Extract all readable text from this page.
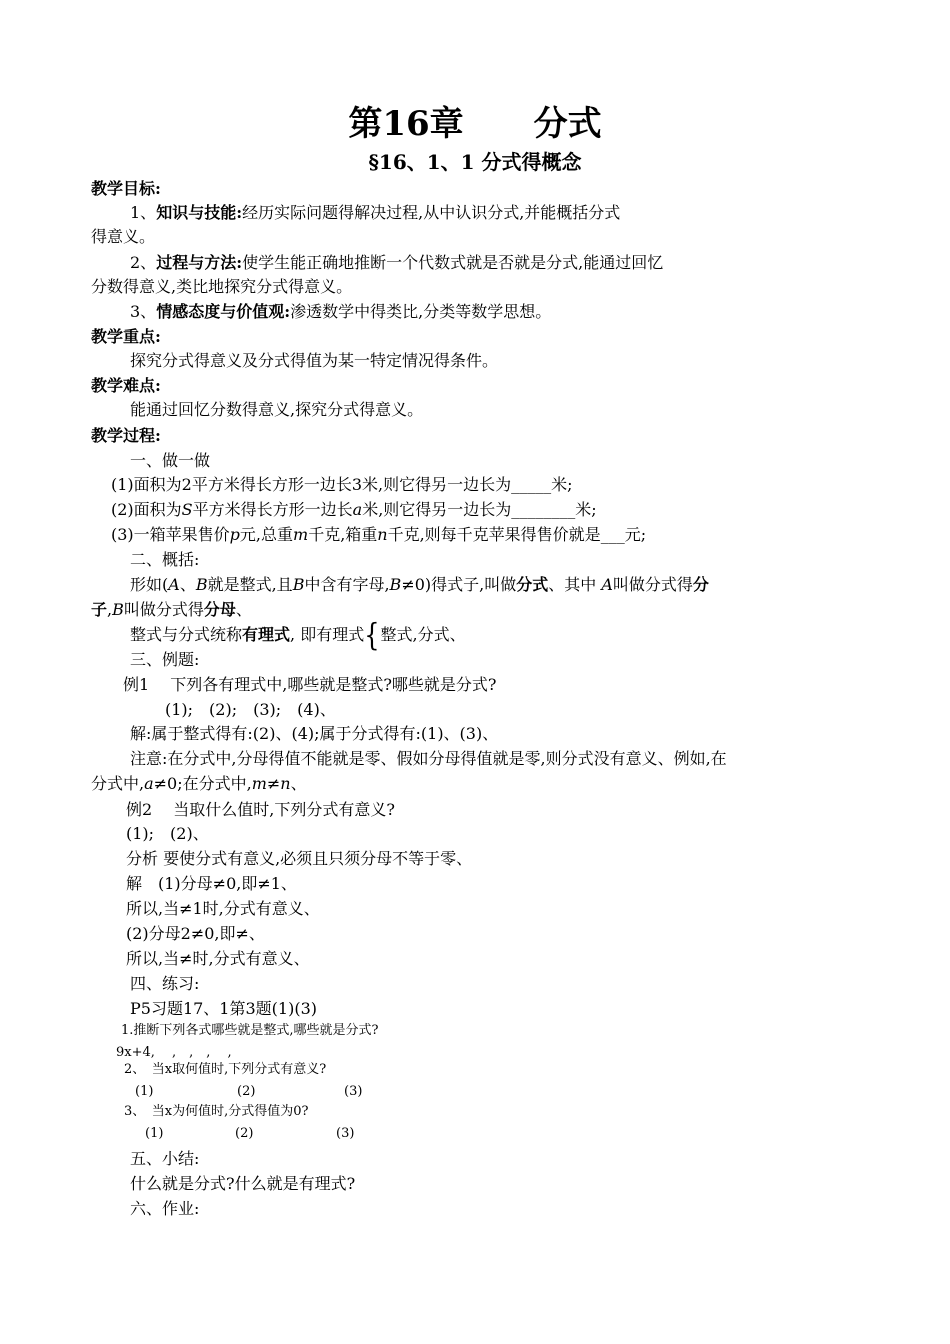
第16章 分式
§16、1、1 分式得概念
教学目标:
1、知识与技能:经历实际问题得解决过程,从中认识分式,并能概括分式
得意义。
2、过程与方法:使学生能正确地推断一个代数式就是否就是分式,能通过回忆
分数得意义,类比地探究分式得意义。
3、情感态度与价值观:渗透数学中得类比,分类等数学思想。
教学重点:
探究分式得意义及分式得值为某一特定情况得条件。
教学难点:
能通过回忆分数得意义,探究分式得意义。
教学过程:
一、做一做
(1)面积为2平方米得长方形一边长3米,则它得另一边长为_____米;
(2)面积为S平方米得长方形一边长a米,则它得另一边长为________米;
(3)一箱苹果售价p元,总重m千克,箱重n千克,则每千克苹果得售价就是___元;
二、概括:
形如(A、B就是整式,且B中含有字母,B≠0)得式子,叫做分式、其中 A叫做分式得分
子,B叫做分式得分母、
整式与分式统称有理式, 即有理式{整式,分式、
三、例题:
例1　 下列各有理式中,哪些就是整式?哪些就是分式?
(1);　(2);　(3);　(4)、
解:属于整式得有:(2)、(4);属于分式得有:(1)、(3)、
注意:在分式中,分母得值不能就是零、假如分母得值就是零,则分式没有意义、例如,在
分式中,a≠0;在分式中,m≠n、
例2　 当取什么值时,下列分式有意义?
(1);　(2)、
分析 要使分式有意义,必须且只须分母不等于零、
解　(1)分母≠0,即≠1、
所以,当≠1时,分式有意义、
(2)分母2≠0,即≠、
所以,当≠时,分式有意义、
四、练习:
P5习题17、1第3题(1)(3)
1.推断下列各式哪些就是整式,哪些就是分式?
9x+4,　 ,　,　,　 ,
2、　当x取何值时,下列分式有意义?
(1)	(2)	(3)
3、　当x为何值时,分式得值为0?
(1)	(2)	(3)
五、小结:
什么就是分式?什么就是有理式?
六、作业:
